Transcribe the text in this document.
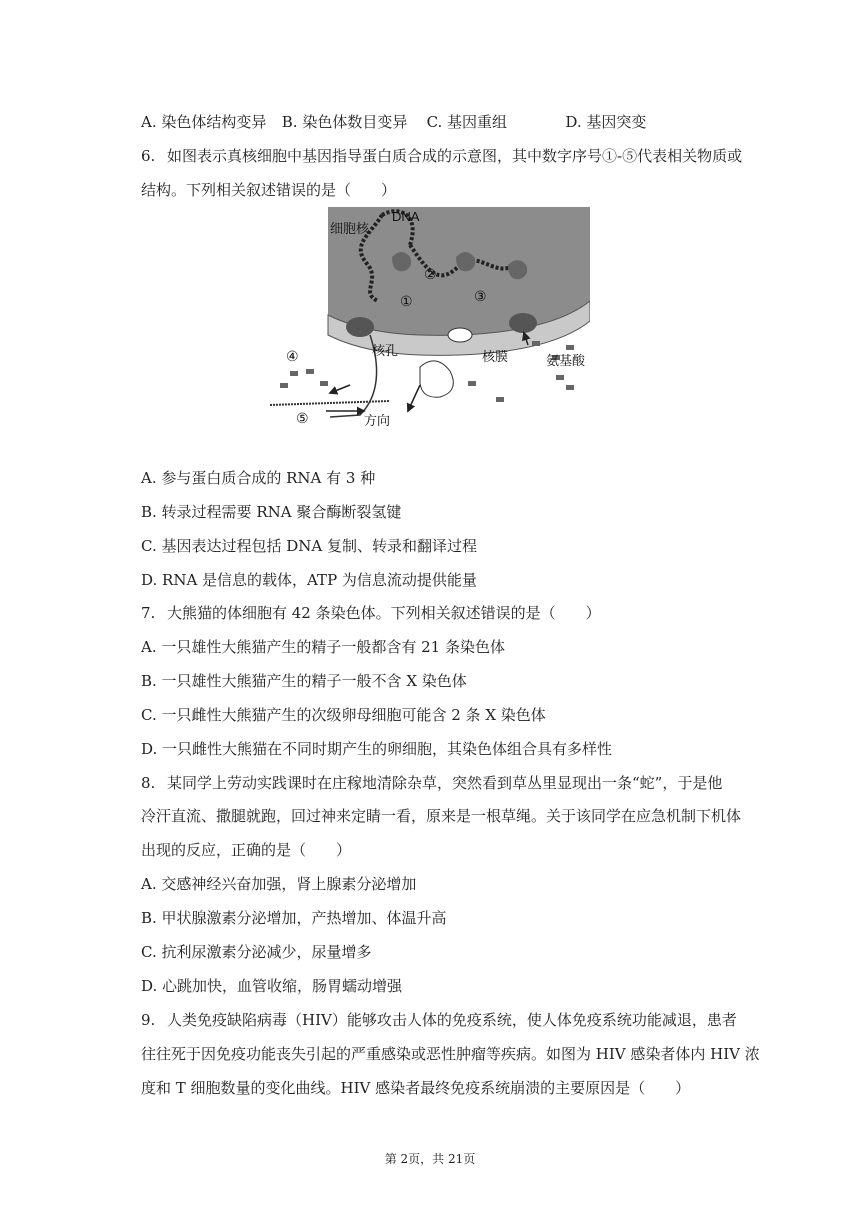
A. 染色体结构变异 B. 染色体数目变异 C. 基因重组	D. 基因突变
6. 如图表示真核细胞中基因指导蛋白质合成的示意图，其中数字序号①-⑤代表相关物质或
结构。下列相关叙述错误的是（　　）
细胞核
DNA
核孔	核膜	氨基酸
方向
①
②
③
④
⑤
A. 参与蛋白质合成的 RNA 有 3 种
B. 转录过程需要 RNA 聚合酶断裂氢键
C. 基因表达过程包括 DNA 复制、转录和翻译过程
D. RNA 是信息的载体，ATP 为信息流动提供能量
7. 大熊猫的体细胞有 42 条染色体。下列相关叙述错误的是（　　）
A. 一只雄性大熊猫产生的精子一般都含有 21 条染色体
B. 一只雄性大熊猫产生的精子一般不含 X 染色体
C. 一只雌性大熊猫产生的次级卵母细胞可能含 2 条 X 染色体
D. 一只雌性大熊猫在不同时期产生的卵细胞，其染色体组合具有多样性
8. 某同学上劳动实践课时在庄稼地清除杂草，突然看到草丛里显现出一条“蛇”，于是他
冷汗直流、撒腿就跑，回过神来定睛一看，原来是一根草绳。关于该同学在应急机制下机体
出现的反应，正确的是（　　）
A. 交感神经兴奋加强，肾上腺素分泌增加
B. 甲状腺激素分泌增加，产热增加、体温升高
C. 抗利尿激素分泌减少，尿量增多
D. 心跳加快，血管收缩，肠胃蠕动增强
9. 人类免疫缺陷病毒（HIV）能够攻击人体的免疫系统，使人体免疫系统功能减退，患者
往往死于因免疫功能丧失引起的严重感染或恶性肿瘤等疾病。如图为 HIV 感染者体内 HIV 浓
度和 T 细胞数量的变化曲线。HIV 感染者最终免疫系统崩溃的主要原因是（　　）
第 2页，共 21页
